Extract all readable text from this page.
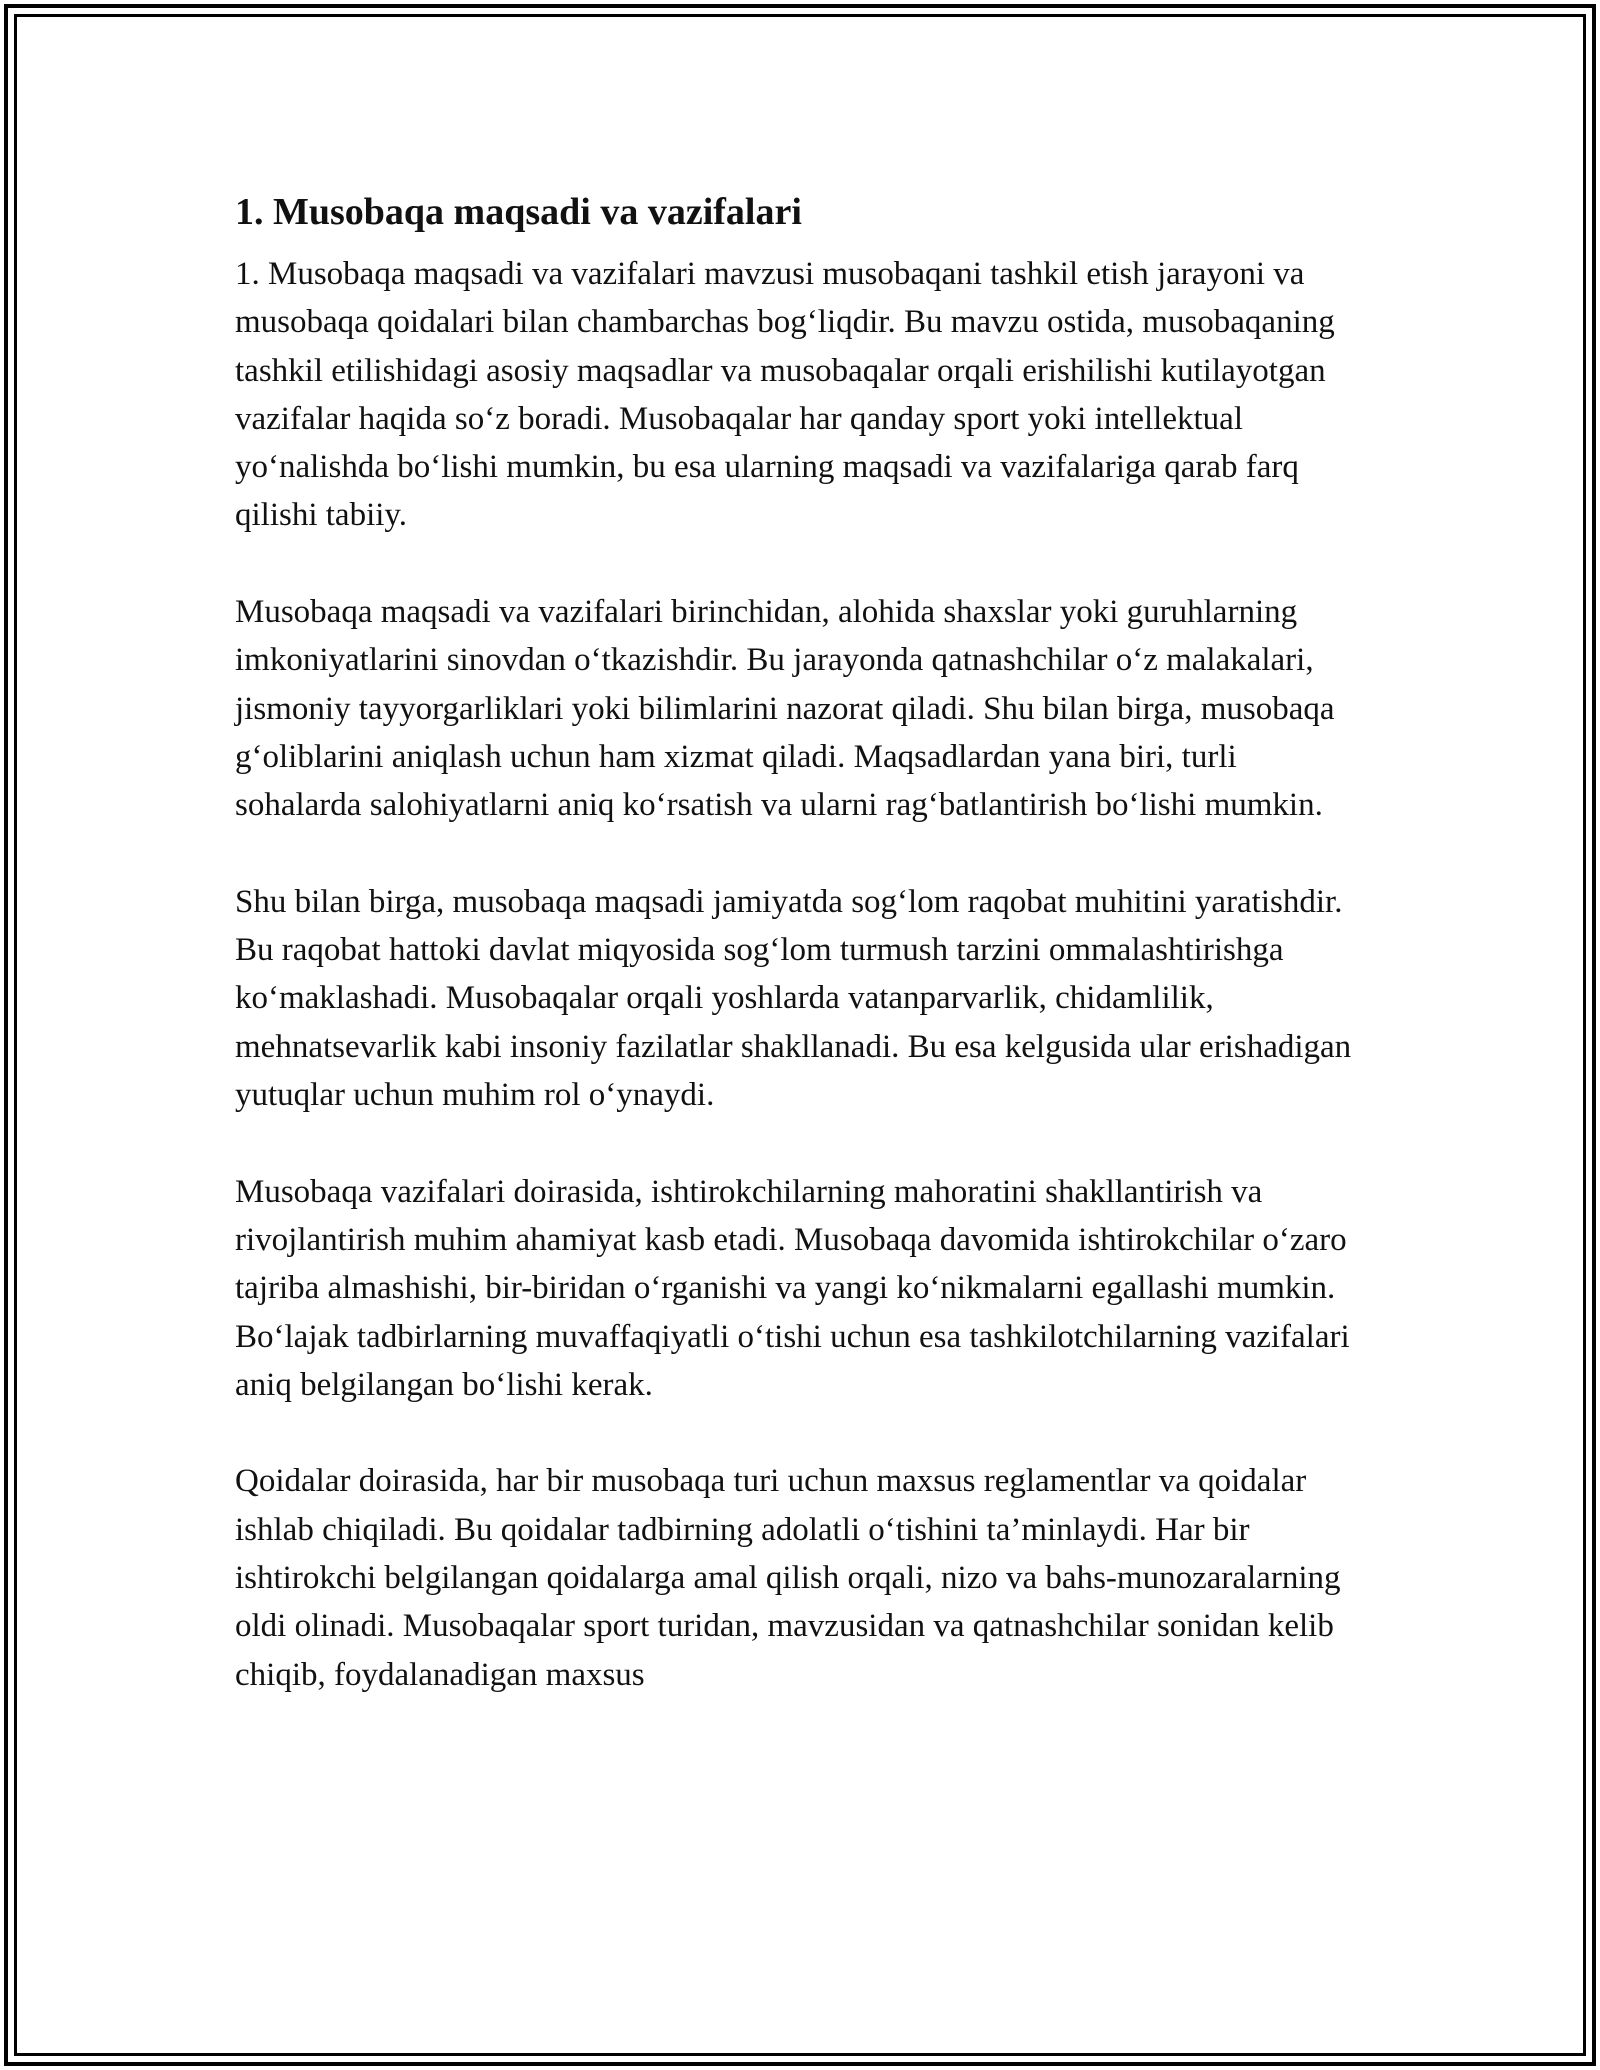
1. Musobaqa maqsadi va vazifalari

1. Musobaqa maqsadi va vazifalari mavzusi musobaqani tashkil etish jarayoni va musobaqa qoidalari bilan chambarchas bog‘liqdir. Bu mavzu ostida, musobaqaning tashkil etilishidagi asosiy maqsadlar va musobaqalar orqali erishilishi kutilayotgan vazifalar haqida so‘z boradi. Musobaqalar har qanday sport yoki intellektual yo‘nalishda bo‘lishi mumkin, bu esa ularning maqsadi va vazifalariga qarab farq qilishi tabiiy.

Musobaqa maqsadi va vazifalari birinchidan, alohida shaxslar yoki guruhlarning imkoniyatlarini sinovdan o‘tkazishdir. Bu jarayonda qatnashchilar o‘z malakalari, jismoniy tayyorgarliklari yoki bilimlarini nazorat qiladi. Shu bilan birga, musobaqa g‘oliblarini aniqlash uchun ham xizmat qiladi. Maqsadlardan yana biri, turli sohalarda salohiyatlarni aniq ko‘rsatish va ularni rag‘batlantirish bo‘lishi mumkin.

Shu bilan birga, musobaqa maqsadi jamiyatda sog‘lom raqobat muhitini yaratishdir. Bu raqobat hattoki davlat miqyosida sog‘lom turmush tarzini ommalashtirishga ko‘maklashadi. Musobaqalar orqali yoshlarda vatanparvarlik, chidamlilik, mehnatsevarlik kabi insoniy fazilatlar shakllanadi. Bu esa kelgusida ular erishadigan yutuqlar uchun muhim rol o‘ynaydi.

Musobaqa vazifalari doirasida, ishtirokchilarning mahoratini shakllantirish va rivojlantirish muhim ahamiyat kasb etadi. Musobaqa davomida ishtirokchilar o‘zaro tajriba almashishi, bir-biridan o‘rganishi va yangi ko‘nikmalarni egallashi mumkin. Bo‘lajak tadbirlarning muvaffaqiyatli o‘tishi uchun esa tashkilotchilarning vazifalari aniq belgilangan bo‘lishi kerak.

Qoidalar doirasida, har bir musobaqa turi uchun maxsus reglamentlar va qoidalar ishlab chiqiladi. Bu qoidalar tadbirning adolatli o‘tishini ta’minlaydi. Har bir ishtirokchi belgilangan qoidalarga amal qilish orqali, nizo va bahs-munozaralarning oldi olinadi. Musobaqalar sport turidan, mavzusidan va qatnashchilar sonidan kelib chiqib, foydalanadigan maxsus
